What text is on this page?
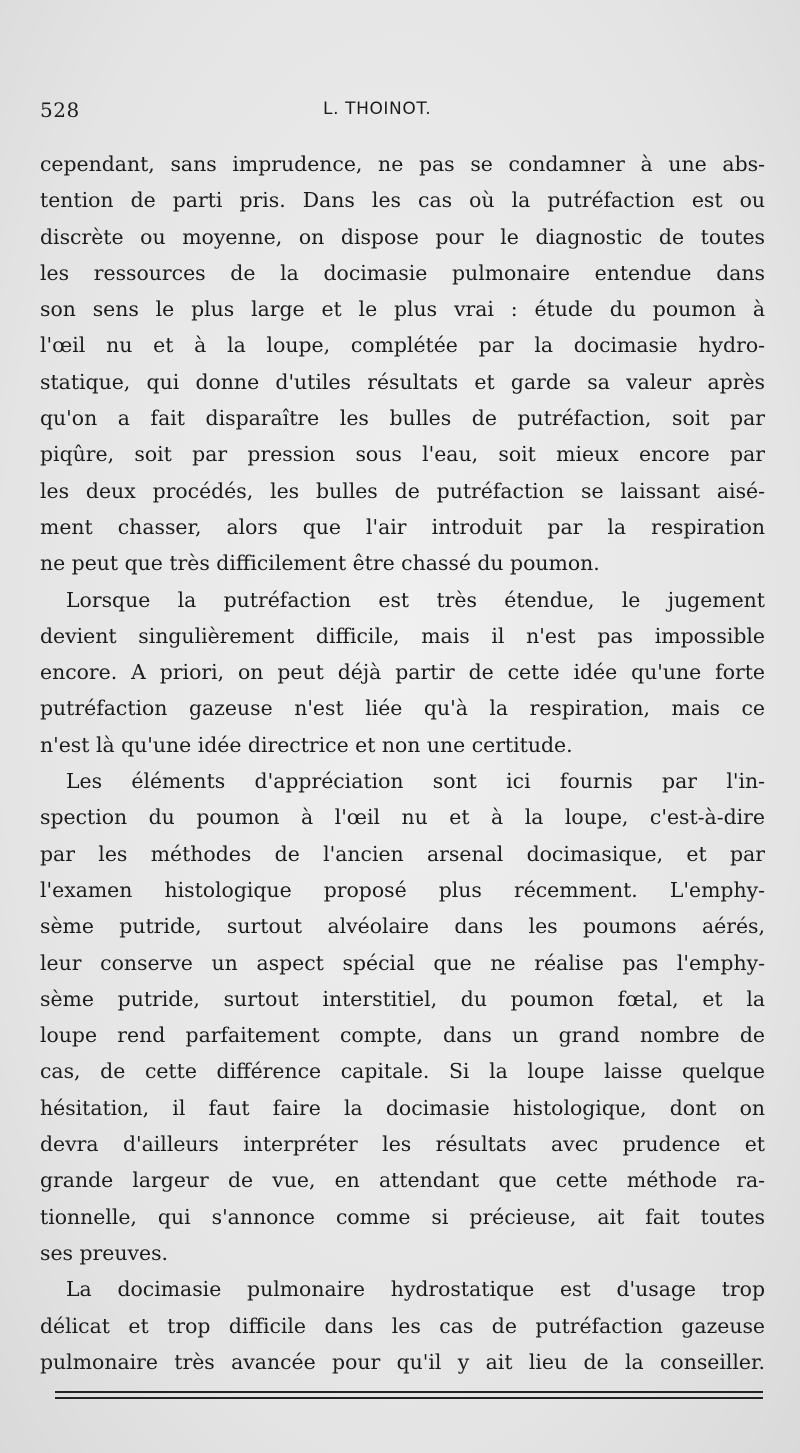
528	L. THOINOT.
cependant, sans imprudence, ne pas se condamner à une abs-
tention de parti pris. Dans les cas où la putréfaction est ou
discrète ou moyenne, on dispose pour le diagnostic de toutes
les ressources de la docimasie pulmonaire entendue dans
son sens le plus large et le plus vrai : étude du poumon à
l'œil nu et à la loupe, complétée par la docimasie hydro-
statique, qui donne d'utiles résultats et garde sa valeur après
qu'on a fait disparaître les bulles de putréfaction, soit par
piqûre, soit par pression sous l'eau, soit mieux encore par
les deux procédés, les bulles de putréfaction se laissant aisé-
ment chasser, alors que l'air introduit par la respiration
ne peut que très difficilement être chassé du poumon.
Lorsque la putréfaction est très étendue, le jugement
devient singulièrement difficile, mais il n'est pas impossible
encore. A priori, on peut déjà partir de cette idée qu'une forte
putréfaction gazeuse n'est liée qu'à la respiration, mais ce
n'est là qu'une idée directrice et non une certitude.
Les éléments d'appréciation sont ici fournis par l'in-
spection du poumon à l'œil nu et à la loupe, c'est-à-dire
par les méthodes de l'ancien arsenal docimasique, et par
l'examen histologique proposé plus récemment. L'emphy-
sème putride, surtout alvéolaire dans les poumons aérés,
leur conserve un aspect spécial que ne réalise pas l'emphy-
sème putride, surtout interstitiel, du poumon fœtal, et la
loupe rend parfaitement compte, dans un grand nombre de
cas, de cette différence capitale. Si la loupe laisse quelque
hésitation, il faut faire la docimasie histologique, dont on
devra d'ailleurs interpréter les résultats avec prudence et
grande largeur de vue, en attendant que cette méthode ra-
tionnelle, qui s'annonce comme si précieuse, ait fait toutes
ses preuves.
La docimasie pulmonaire hydrostatique est d'usage trop
délicat et trop difficile dans les cas de putréfaction gazeuse
pulmonaire très avancée pour qu'il y ait lieu de la conseiller.
